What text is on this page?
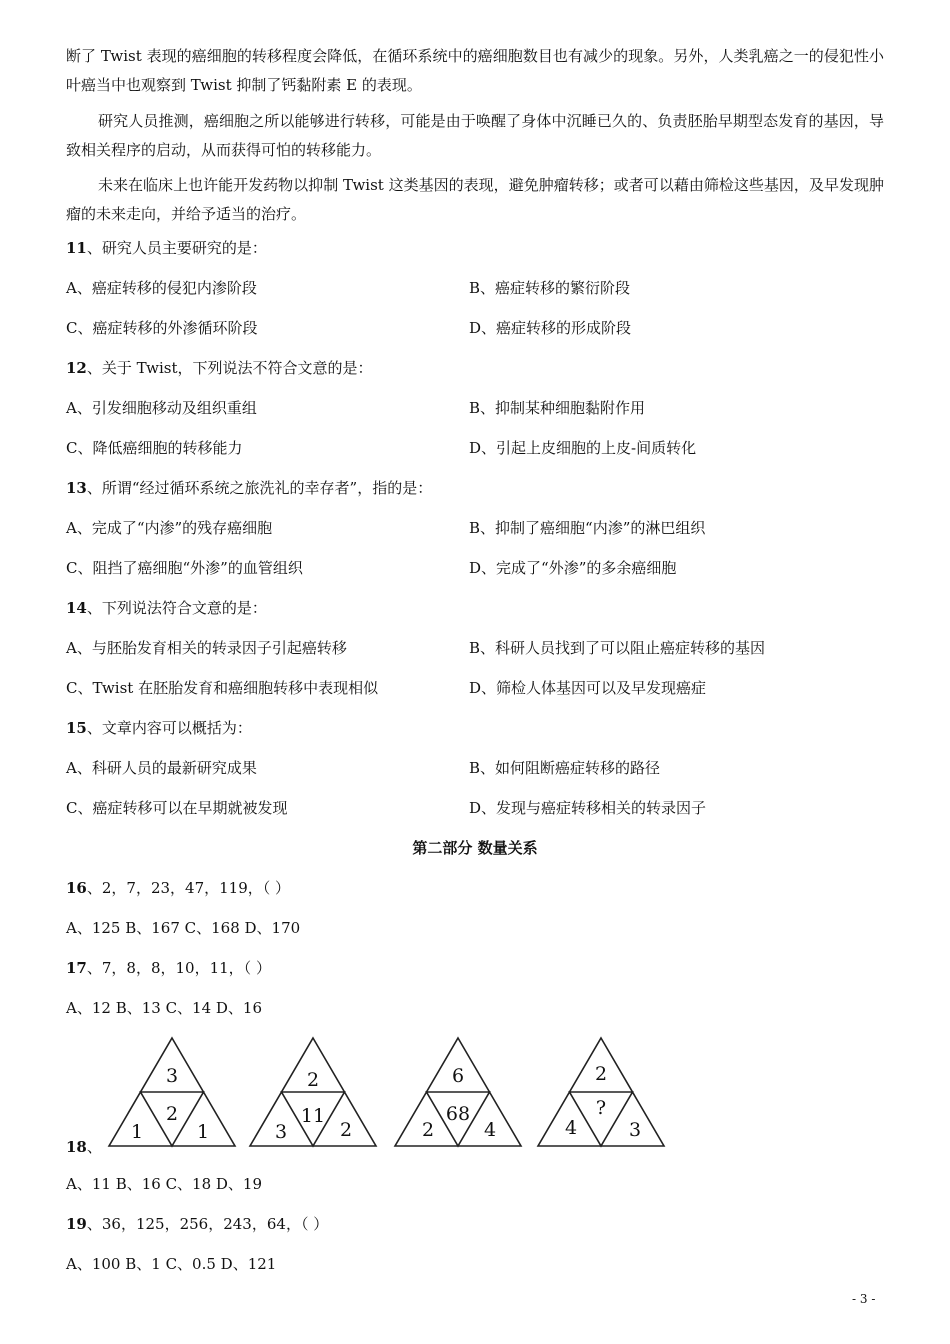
断了 Twist 表现的癌细胞的转移程度会降低，在循环系统中的癌细胞数目也有减少的现象。另外，人类乳癌之一的侵犯性小叶癌当中也观察到 Twist 抑制了钙黏附素 E 的表现。

研究人员推测，癌细胞之所以能够进行转移，可能是由于唤醒了身体中沉睡已久的、负责胚胎早期型态发育的基因，导致相关程序的启动，从而获得可怕的转移能力。

未来在临床上也许能开发药物以抑制 Twist 这类基因的表现，避免肿瘤转移；或者可以藉由筛检这些基因，及早发现肿瘤的未来走向，并给予适当的治疗。

11、研究人员主要研究的是：
A、癌症转移的侵犯内渗阶段	B、癌症转移的繁衍阶段
C、癌症转移的外渗循环阶段	D、癌症转移的形成阶段
12、关于 Twist，下列说法不符合文意的是：
A、引发细胞移动及组织重组	B、抑制某种细胞黏附作用
C、降低癌细胞的转移能力	D、引起上皮细胞的上皮-间质转化
13、所谓“经过循环系统之旅洗礼的幸存者”，指的是：
A、完成了“内渗”的残存癌细胞	B、抑制了癌细胞“内渗”的淋巴组织
C、阻挡了癌细胞“外渗”的血管组织	D、完成了“外渗”的多余癌细胞
14、下列说法符合文意的是：
A、与胚胎发育相关的转录因子引起癌转移	B、科研人员找到了可以阻止癌症转移的基因
C、Twist 在胚胎发育和癌细胞转移中表现相似	D、筛检人体基因可以及早发现癌症
15、文章内容可以概括为：
A、科研人员的最新研究成果	B、如何阻断癌症转移的路径
C、癌症转移可以在早期就被发现	D、发现与癌症转移相关的转录因子
第二部分 数量关系
16、2，7，23，47，119，（ ）
A、125 B、167 C、168 D、170
17、7，8，8，10，11，（ ）
A、12 B、13 C、14 D、16
18、
3
2
1	1
2
11
3	2
6
68
2	4
2
?
4	3
A、11 B、16 C、18 D、19
19、36，125，256，243，64，（ ）
A、100 B、1 C、0.5 D、121
- 3 -
